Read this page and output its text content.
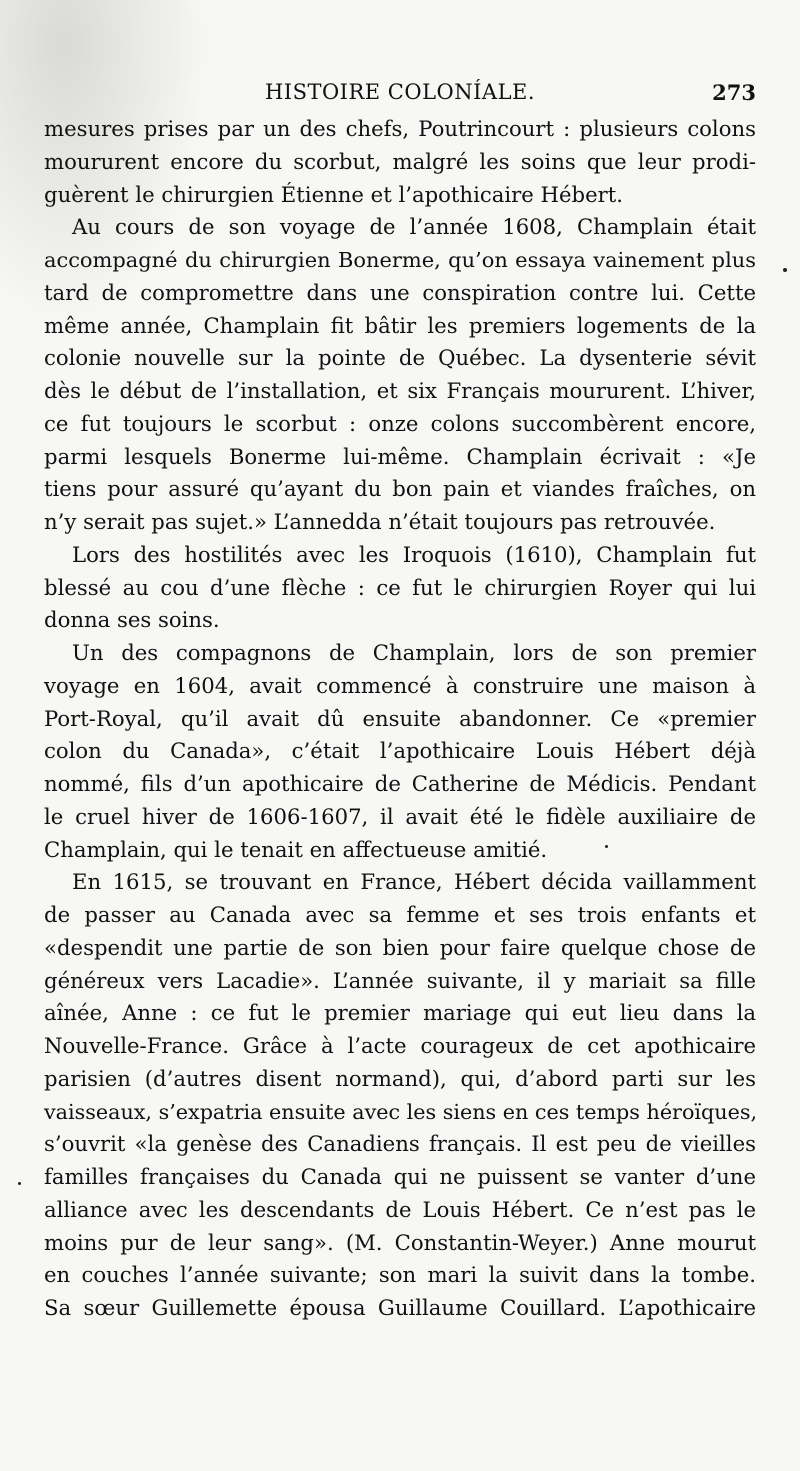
HISTOIRE COLONÍALE.	273
mesures prises par un des chefs, Poutrincourt : plusieurs colons
moururent encore du scorbut, malgré les soins que leur prodi-
guèrent le chirurgien Étienne et l’apothicaire Hébert.
Au cours de son voyage de l’année 1608, Champlain était
accompagné du chirurgien Bonerme, qu’on essaya vainement plus
tard de compromettre dans une conspiration contre lui. Cette
même année, Champlain fit bâtir les premiers logements de la
colonie nouvelle sur la pointe de Québec. La dysenterie sévit
dès le début de l’installation, et six Français moururent. L’hiver,
ce fut toujours le scorbut : onze colons succombèrent encore,
parmi lesquels Bonerme lui-même. Champlain écrivait : «Je
tiens pour assuré qu’ayant du bon pain et viandes fraîches, on
n’y serait pas sujet.» L’annedda n’était toujours pas retrouvée.
Lors des hostilités avec les Iroquois (1610), Champlain fut
blessé au cou d’une flèche : ce fut le chirurgien Royer qui lui
donna ses soins.
Un des compagnons de Champlain, lors de son premier
voyage en 1604, avait commencé à construire une maison à
Port-Royal, qu’il avait dû ensuite abandonner. Ce «premier
colon du Canada», c’était l’apothicaire Louis Hébert déjà
nommé, fils d’un apothicaire de Catherine de Médicis. Pendant
le cruel hiver de 1606-1607, il avait été le fidèle auxiliaire de
Champlain, qui le tenait en affectueuse amitié.
En 1615, se trouvant en France, Hébert décida vaillamment
de passer au Canada avec sa femme et ses trois enfants et
«despendit une partie de son bien pour faire quelque chose de
généreux vers Lacadie». L’année suivante, il y mariait sa fille
aînée, Anne : ce fut le premier mariage qui eut lieu dans la
Nouvelle-France. Grâce à l’acte courageux de cet apothicaire
parisien (d’autres disent normand), qui, d’abord parti sur les
vaisseaux, s’expatria ensuite avec les siens en ces temps héroïques,
s’ouvrit «la genèse des Canadiens français. Il est peu de vieilles
familles françaises du Canada qui ne puissent se vanter d’une
alliance avec les descendants de Louis Hébert. Ce n’est pas le
moins pur de leur sang». (M. Constantin-Weyer.) Anne mourut
en couches l’année suivante; son mari la suivit dans la tombe.
Sa sœur Guillemette épousa Guillaume Couillard. L’apothicaire
